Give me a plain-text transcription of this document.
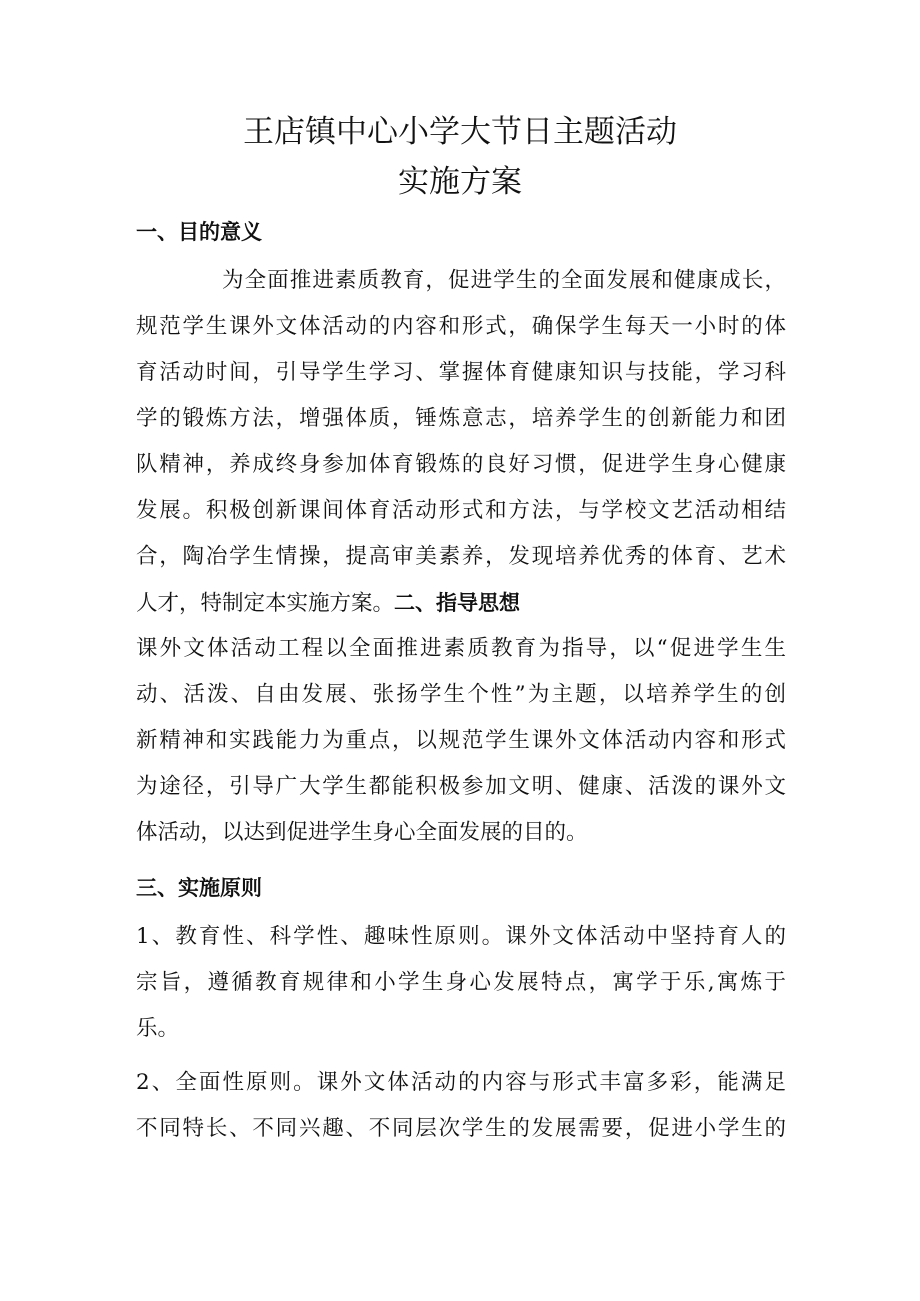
王店镇中心小学大节日主题活动
实施方案
一、目的意义
为全面推进素质教育，促进学生的全面发展和健康成长，
规范学生课外文体活动的内容和形式，确保学生每天一小时的体
育活动时间，引导学生学习、掌握体育健康知识与技能，学习科
学的锻炼方法，增强体质，锤炼意志，培养学生的创新能力和团
队精神，养成终身参加体育锻炼的良好习惯，促进学生身心健康
发展。积极创新课间体育活动形式和方法，与学校文艺活动相结
合，陶冶学生情操，提高审美素养，发现培养优秀的体育、艺术
人才，特制定本实施方案。二、指导思想
课外文体活动工程以全面推进素质教育为指导，以“促进学生生
动、活泼、自由发展、张扬学生个性”为主题，以培养学生的创
新精神和实践能力为重点，以规范学生课外文体活动内容和形式
为途径，引导广大学生都能积极参加文明、健康、活泼的课外文
体活动，以达到促进学生身心全面发展的目的。
三、实施原则
1、教育性、科学性、趣味性原则。课外文体活动中坚持育人的
宗旨，遵循教育规律和小学生身心发展特点，寓学于乐,寓炼于
乐。
2、全面性原则。课外文体活动的内容与形式丰富多彩，能满足
不同特长、不同兴趣、不同层次学生的发展需要，促进小学生的
